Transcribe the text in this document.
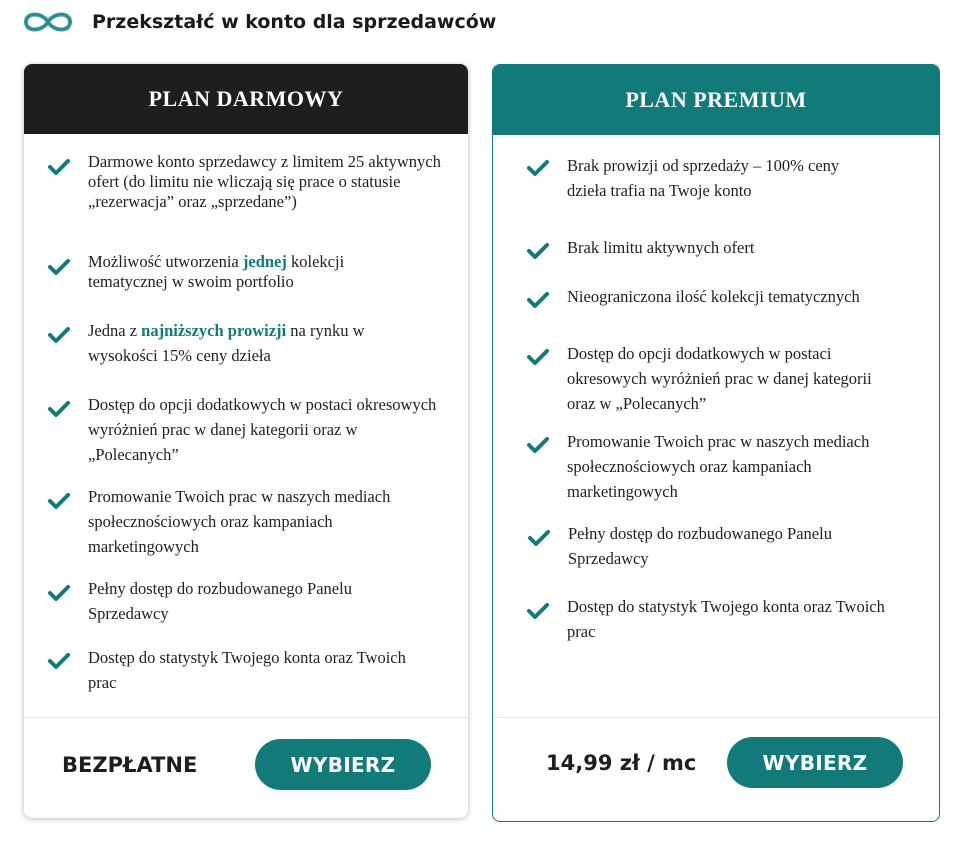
Przekształć w konto dla sprzedawców
PLAN DARMOWY
Darmowe konto sprzedawcy z limitem 25 aktywnych ofert (do limitu nie wliczają się prace o statusie „rezerwacja” oraz „sprzedane”)
Możliwość utworzenia jednej kolekcji tematycznej w swoim portfolio
Jedna z najniższych prowizji na rynku w wysokości 15% ceny dzieła
Dostęp do opcji dodatkowych w postaci okresowych wyróżnień prac w danej kategorii oraz w „Polecanych”
Promowanie Twoich prac w naszych mediach społecznościowych oraz kampaniach marketingowych
Pełny dostęp do rozbudowanego Panelu Sprzedawcy
Dostęp do statystyk Twojego konta oraz Twoich prac
BEZPŁATNE	WYBIERZ
PLAN PREMIUM
Brak prowizji od sprzedaży – 100% ceny dzieła trafia na Twoje konto
Brak limitu aktywnych ofert
Nieograniczona ilość kolekcji tematycznych
Dostęp do opcji dodatkowych w postaci okresowych wyróżnień prac w danej kategorii oraz w „Polecanych”
Promowanie Twoich prac w naszych mediach społecznościowych oraz kampaniach marketingowych
Pełny dostęp do rozbudowanego Panelu Sprzedawcy
Dostęp do statystyk Twojego konta oraz Twoich prac
14,99 zł / mc	WYBIERZ
